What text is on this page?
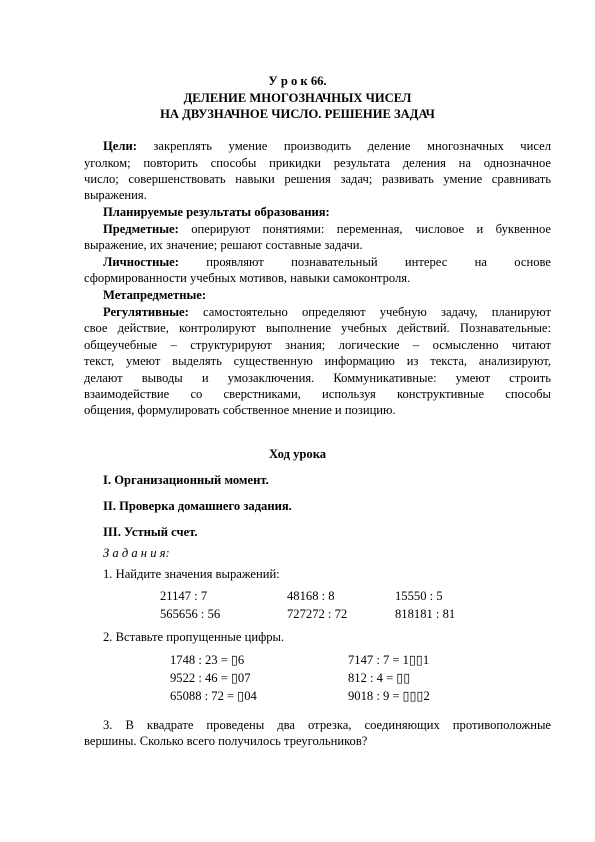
У р о к 66.
ДЕЛЕНИЕ МНОГОЗНАЧНЫХ ЧИСЕЛ
НА ДВУЗНАЧНОЕ ЧИСЛО. РЕШЕНИЕ ЗАДАЧ
Цели: закреплять умение производить деление многозначных чисел
уголком; повторить способы прикидки результата деления на однозначное
число; совершенствовать навыки решения задач; развивать умение сравнивать
выражения.
Планируемые результаты образования:
Предметные: оперируют понятиями: переменная, числовое и буквенное
выражение, их значение; решают составные задачи.
Личностные: проявляют познавательный интерес на основе
сформированности учебных мотивов, навыки самоконтроля.
Метапредметные:
Регулятивные: самостоятельно определяют учебную задачу, планируют
свое действие, контролируют выполнение учебных действий. Познавательные:
общеучебные – структурируют знания; логические – осмысленно читают
текст, умеют выделять существенную информацию из текста, анализируют,
делают выводы и умозаключения. Коммуникативные: умеют строить
взаимодействие со сверстниками, используя конструктивные способы
общения, формулировать собственное мнение и позицию.
Ход урока
I. Организационный момент.
II. Проверка домашнего задания.
III. Устный счет.
З а д а н и я:
1. Найдите значения выражений:
21147 : 7	48168 : 8	15550 : 5
565656 : 56	727272 : 72	818181 : 81
2. Вставьте пропущенные цифры.
1748 : 23 = ▯6	7147 : 7 = 1▯▯1
9522 : 46 = ▯07	812 : 4 = ▯▯
65088 : 72 = ▯04	9018 : 9 = ▯▯▯2
3. В квадрате проведены два отрезка, соединяющих противоположные
вершины. Сколько всего получилось треугольников?
